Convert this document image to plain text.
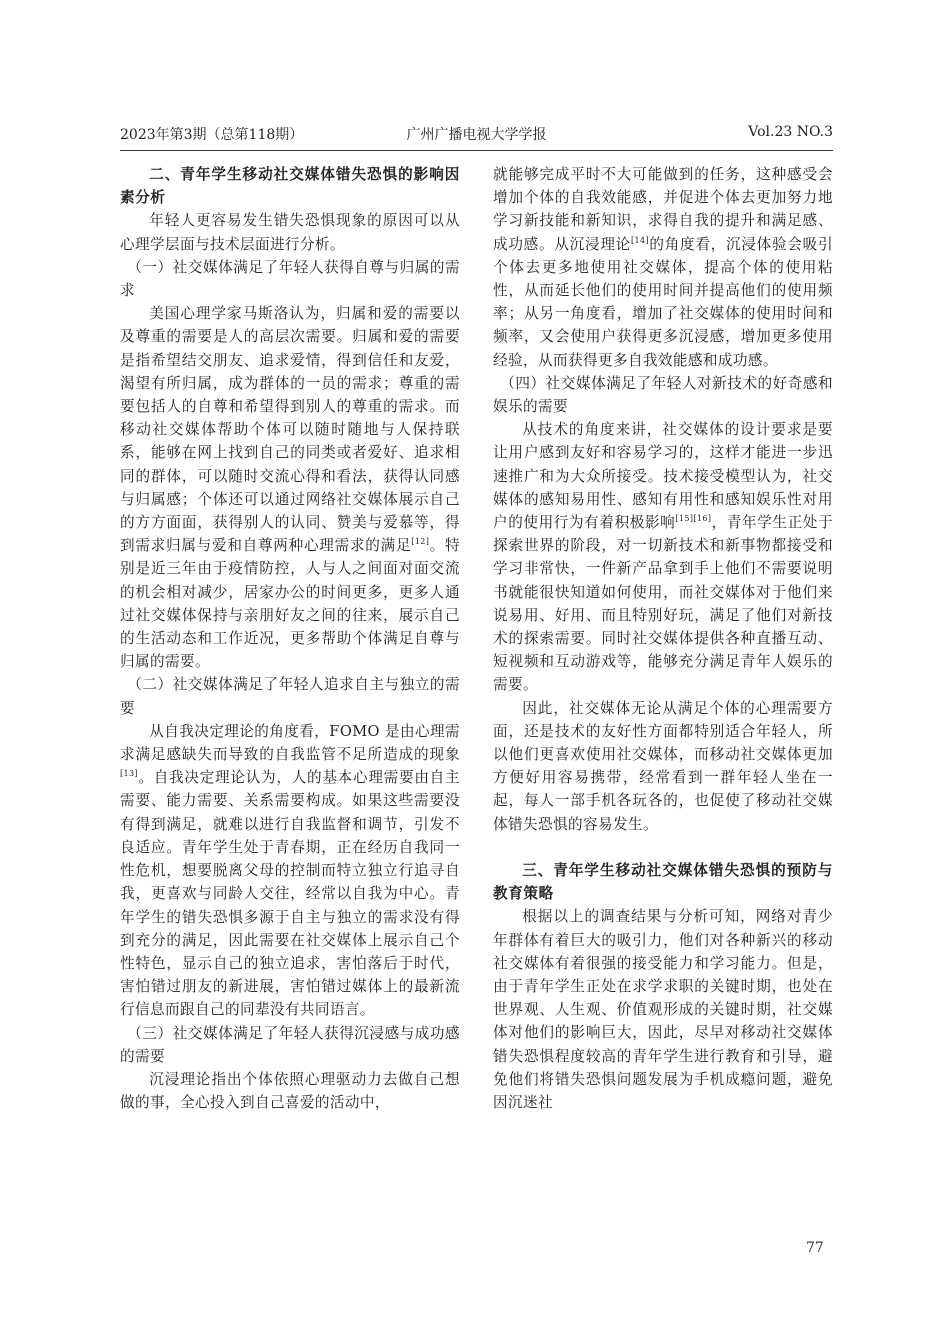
2023年第3期（总第118期）	广州广播电视大学学报	Vol.23 NO.3

二、青年学生移动社交媒体错失恐惧的影响因素分析

年轻人更容易发生错失恐惧现象的原因可以从心理学层面与技术层面进行分析。

（一）社交媒体满足了年轻人获得自尊与归属的需求

美国心理学家马斯洛认为，归属和爱的需要以及尊重的需要是人的高层次需要。归属和爱的需要是指希望结交朋友、追求爱情，得到信任和友爱，渴望有所归属，成为群体的一员的需求；尊重的需要包括人的自尊和希望得到别人的尊重的需求。而移动社交媒体帮助个体可以随时随地与人保持联系，能够在网上找到自己的同类或者爱好、追求相同的群体，可以随时交流心得和看法，获得认同感与归属感；个体还可以通过网络社交媒体展示自己的方方面面，获得别人的认同、赞美与爱慕等，得到需求归属与爱和自尊两种心理需求的满足[12]。特别是近三年由于疫情防控，人与人之间面对面交流的机会相对减少，居家办公的时间更多，更多人通过社交媒体保持与亲朋好友之间的往来，展示自己的生活动态和工作近况，更多帮助个体满足自尊与归属的需要。

（二）社交媒体满足了年轻人追求自主与独立的需要

从自我决定理论的角度看，FOMO 是由心理需求满足感缺失而导致的自我监管不足所造成的现象[13]。自我决定理论认为，人的基本心理需要由自主需要、能力需要、关系需要构成。如果这些需要没有得到满足，就难以进行自我监督和调节，引发不良适应。青年学生处于青春期，正在经历自我同一性危机，想要脱离父母的控制而特立独立行追寻自我，更喜欢与同龄人交往，经常以自我为中心。青年学生的错失恐惧多源于自主与独立的需求没有得到充分的满足，因此需要在社交媒体上展示自己个性特色，显示自己的独立追求，害怕落后于时代，害怕错过朋友的新进展，害怕错过媒体上的最新流行信息而跟自己的同辈没有共同语言。

（三）社交媒体满足了年轻人获得沉浸感与成功感的需要

沉浸理论指出个体依照心理驱动力去做自己想做的事，全心投入到自己喜爱的活动中，

就能够完成平时不大可能做到的任务，这种感受会增加个体的自我效能感，并促进个体去更加努力地学习新技能和新知识，求得自我的提升和满足感、成功感。从沉浸理论[14]的角度看，沉浸体验会吸引个体去更多地使用社交媒体，提高个体的使用粘性，从而延长他们的使用时间并提高他们的使用频率；从另一角度看，增加了社交媒体的使用时间和频率，又会使用户获得更多沉浸感，增加更多使用经验，从而获得更多自我效能感和成功感。

（四）社交媒体满足了年轻人对新技术的好奇感和娱乐的需要

从技术的角度来讲，社交媒体的设计要求是要让用户感到友好和容易学习的，这样才能进一步迅速推广和为大众所接受。技术接受模型认为，社交媒体的感知易用性、感知有用性和感知娱乐性对用户的使用行为有着积极影响[15][16]，青年学生正处于探索世界的阶段，对一切新技术和新事物都接受和学习非常快，一件新产品拿到手上他们不需要说明书就能很快知道如何使用，而社交媒体对于他们来说易用、好用、而且特别好玩，满足了他们对新技术的探索需要。同时社交媒体提供各种直播互动、短视频和互动游戏等，能够充分满足青年人娱乐的需要。

因此，社交媒体无论从满足个体的心理需要方面，还是技术的友好性方面都特别适合年轻人，所以他们更喜欢使用社交媒体，而移动社交媒体更加方便好用容易携带，经常看到一群年轻人坐在一起，每人一部手机各玩各的，也促使了移动社交媒体错失恐惧的容易发生。

三、青年学生移动社交媒体错失恐惧的预防与教育策略

根据以上的调查结果与分析可知，网络对青少年群体有着巨大的吸引力，他们对各种新兴的移动社交媒体有着很强的接受能力和学习能力。但是，由于青年学生正处在求学求职的关键时期，也处在世界观、人生观、价值观形成的关键时期，社交媒体对他们的影响巨大，因此，尽早对移动社交媒体错失恐惧程度较高的青年学生进行教育和引导，避免他们将错失恐惧问题发展为手机成瘾问题，避免因沉迷社

77
